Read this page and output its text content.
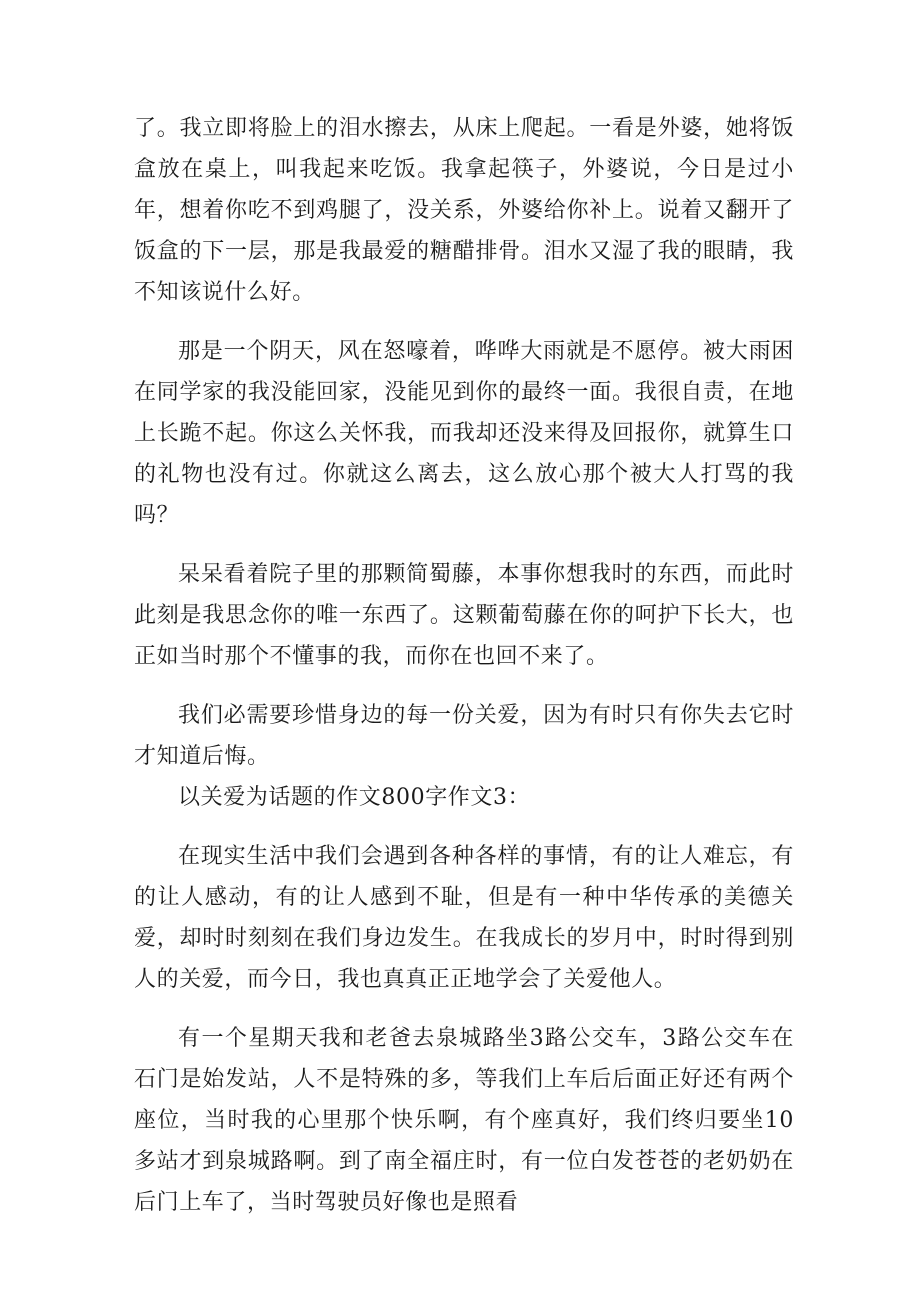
了。我立即将脸上的泪水擦去，从床上爬起。一看是外婆，她将饭盒放在桌上，叫我起来吃饭。我拿起筷子，外婆说，今日是过小年，想着你吃不到鸡腿了，没关系，外婆给你补上。说着又翻开了饭盒的下一层，那是我最爱的糖醋排骨。泪水又湿了我的眼睛，我不知该说什么好。

那是一个阴天，风在怒嚎着，哗哗大雨就是不愿停。被大雨困在同学家的我没能回家，没能见到你的最终一面。我很自责，在地上长跪不起。你这么关怀我，而我却还没来得及回报你，就算生口的礼物也没有过。你就这么离去，这么放心那个被大人打骂的我吗？

呆呆看着院子里的那颗简蜀藤，本事你想我时的东西，而此时此刻是我思念你的唯一东西了。这颗葡萄藤在你的呵护下长大，也正如当时那个不懂事的我，而你在也回不来了。

我们必需要珍惜身边的每一份关爱，因为有时只有你失去它时才知道后悔。

以关爱为话题的作文800字作文3：

在现实生活中我们会遇到各种各样的事情，有的让人难忘，有的让人感动，有的让人感到不耻，但是有一种中华传承的美德关爱，却时时刻刻在我们身边发生。在我成长的岁月中，时时得到别人的关爱，而今日，我也真真正正地学会了关爱他人。

有一个星期天我和老爸去泉城路坐3路公交车，3路公交车在石门是始发站，人不是特殊的多，等我们上车后后面正好还有两个座位，当时我的心里那个快乐啊，有个座真好，我们终归要坐10多站才到泉城路啊。到了南全福庄时，有一位白发苍苍的老奶奶在后门上车了，当时驾驶员好像也是照看
